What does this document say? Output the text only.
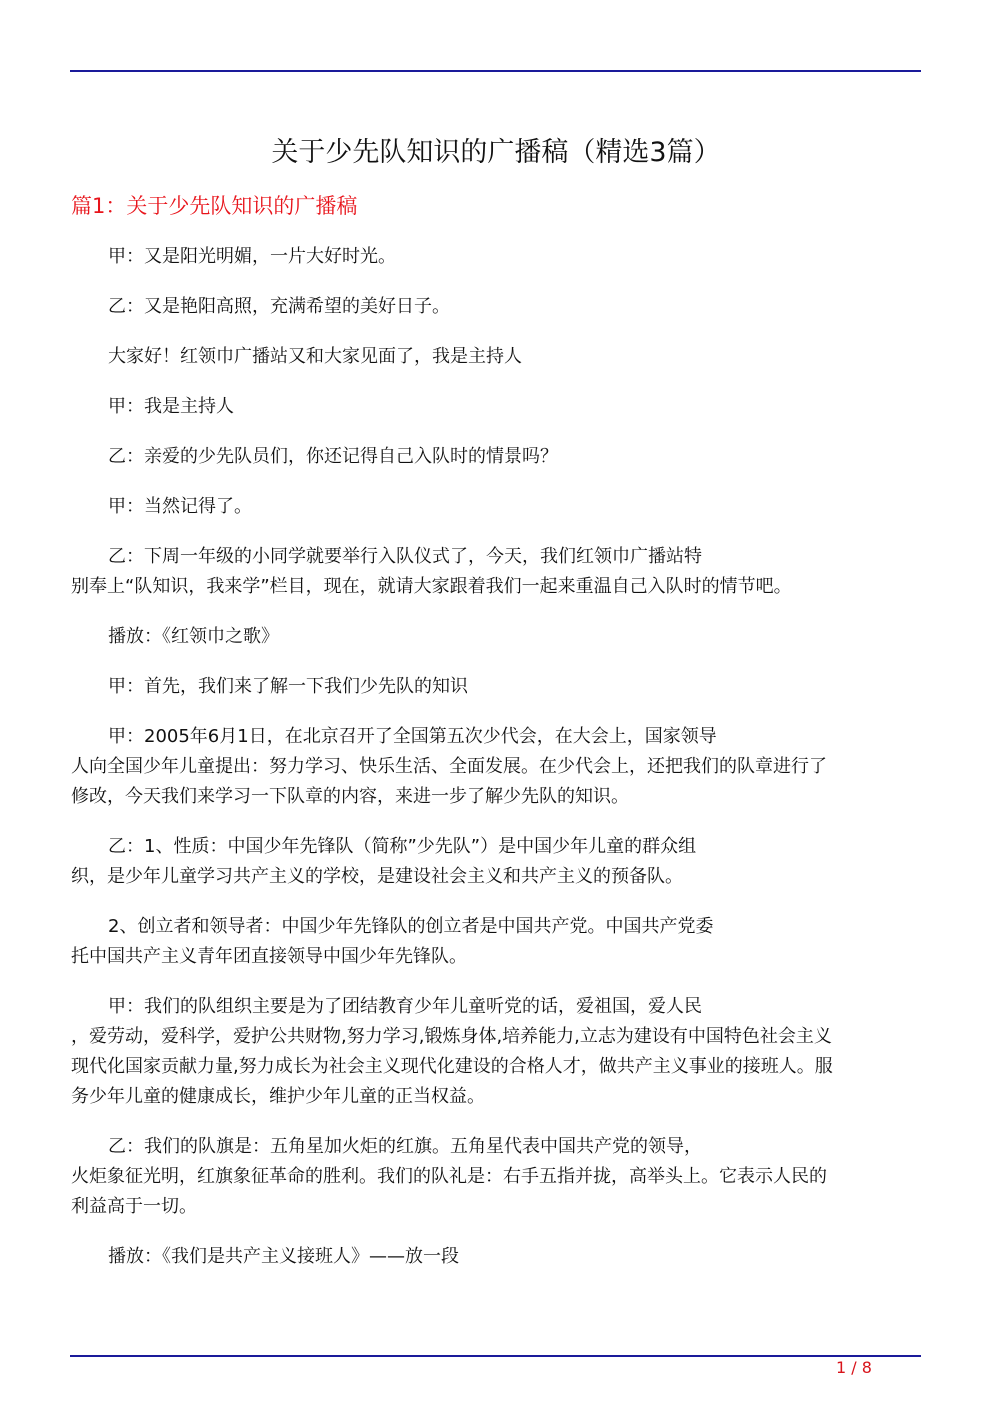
关于少先队知识的广播稿（精选3篇）
篇1：关于少先队知识的广播稿
甲：又是阳光明媚，一片大好时光。
乙：又是艳阳高照，充满希望的美好日子。
大家好！红领巾广播站又和大家见面了，我是主持人
甲：我是主持人
乙：亲爱的少先队员们，你还记得自己入队时的情景吗？
甲：当然记得了。
乙：下周一年级的小同学就要举行入队仪式了，今天，我们红领巾广播站特
别奉上“队知识，我来学”栏目，现在，就请大家跟着我们一起来重温自己入队时的情节吧。
播放：《红领巾之歌》
甲：首先，我们来了解一下我们少先队的知识
甲：2005年6月1日，在北京召开了全国第五次少代会，在大会上，国家领导
人向全国少年儿童提出：努力学习、快乐生活、全面发展。在少代会上，还把我们的队章进行了
修改，今天我们来学习一下队章的内容，来进一步了解少先队的知识。
乙：1、性质：中国少年先锋队（简称”少先队”）是中国少年儿童的群众组
织，是少年儿童学习共产主义的学校，是建设社会主义和共产主义的预备队。
2、创立者和领导者：中国少年先锋队的创立者是中国共产党。中国共产党委
托中国共产主义青年团直接领导中国少年先锋队。
甲：我们的队组织主要是为了团结教育少年儿童听党的话，爱祖国，爱人民
，爱劳动，爱科学，爱护公共财物,努力学习,锻炼身体,培养能力,立志为建设有中国特色社会主义
现代化国家贡献力量,努力成长为社会主义现代化建设的合格人才，做共产主义事业的接班人。服
务少年儿童的健康成长，维护少年儿童的正当权益。
乙：我们的队旗是：五角星加火炬的红旗。五角星代表中国共产党的领导，
火炬象征光明，红旗象征革命的胜利。我们的队礼是：右手五指并拢，高举头上。它表示人民的
利益高于一切。
播放：《我们是共产主义接班人》——放一段
1 / 8
